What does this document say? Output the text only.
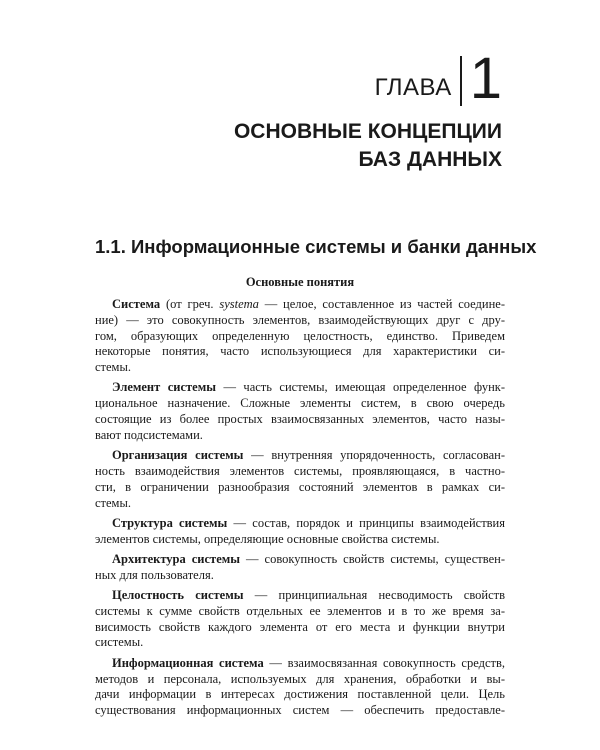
ГЛАВА 1
ОСНОВНЫЕ КОНЦЕПЦИИ
БАЗ ДАННЫХ
1.1. Информационные системы и банки данных
Основные понятия
Система (от греч. systema — целое, составленное из частей соедине-
ние) — это совокупность элементов, взаимодействующих друг с дру-
гом, образующих определенную целостность, единство. Приведем
некоторые понятия, часто использующиеся для характеристики си-
стемы.
Элемент системы — часть системы, имеющая определенное функ-
циональное назначение. Сложные элементы систем, в свою очередь
состоящие из более простых взаимосвязанных элементов, часто назы-
вают подсистемами.
Организация системы — внутренняя упорядоченность, согласован-
ность взаимодействия элементов системы, проявляющаяся, в частно-
сти, в ограничении разнообразия состояний элементов в рамках си-
стемы.
Структура системы — состав, порядок и принципы взаимодействия
элементов системы, определяющие основные свойства системы.
Архитектура системы — совокупность свойств системы, существен-
ных для пользователя.
Целостность системы — принципиальная несводимость свойств
системы к сумме свойств отдельных ее элементов и в то же время за-
висимость свойств каждого элемента от его места и функции внутри
системы.
Информационная система — взаимосвязанная совокупность средств,
методов и персонала, используемых для хранения, обработки и вы-
дачи информации в интересах достижения поставленной цели. Цель
существования информационных систем — обеспечить предоставле-
